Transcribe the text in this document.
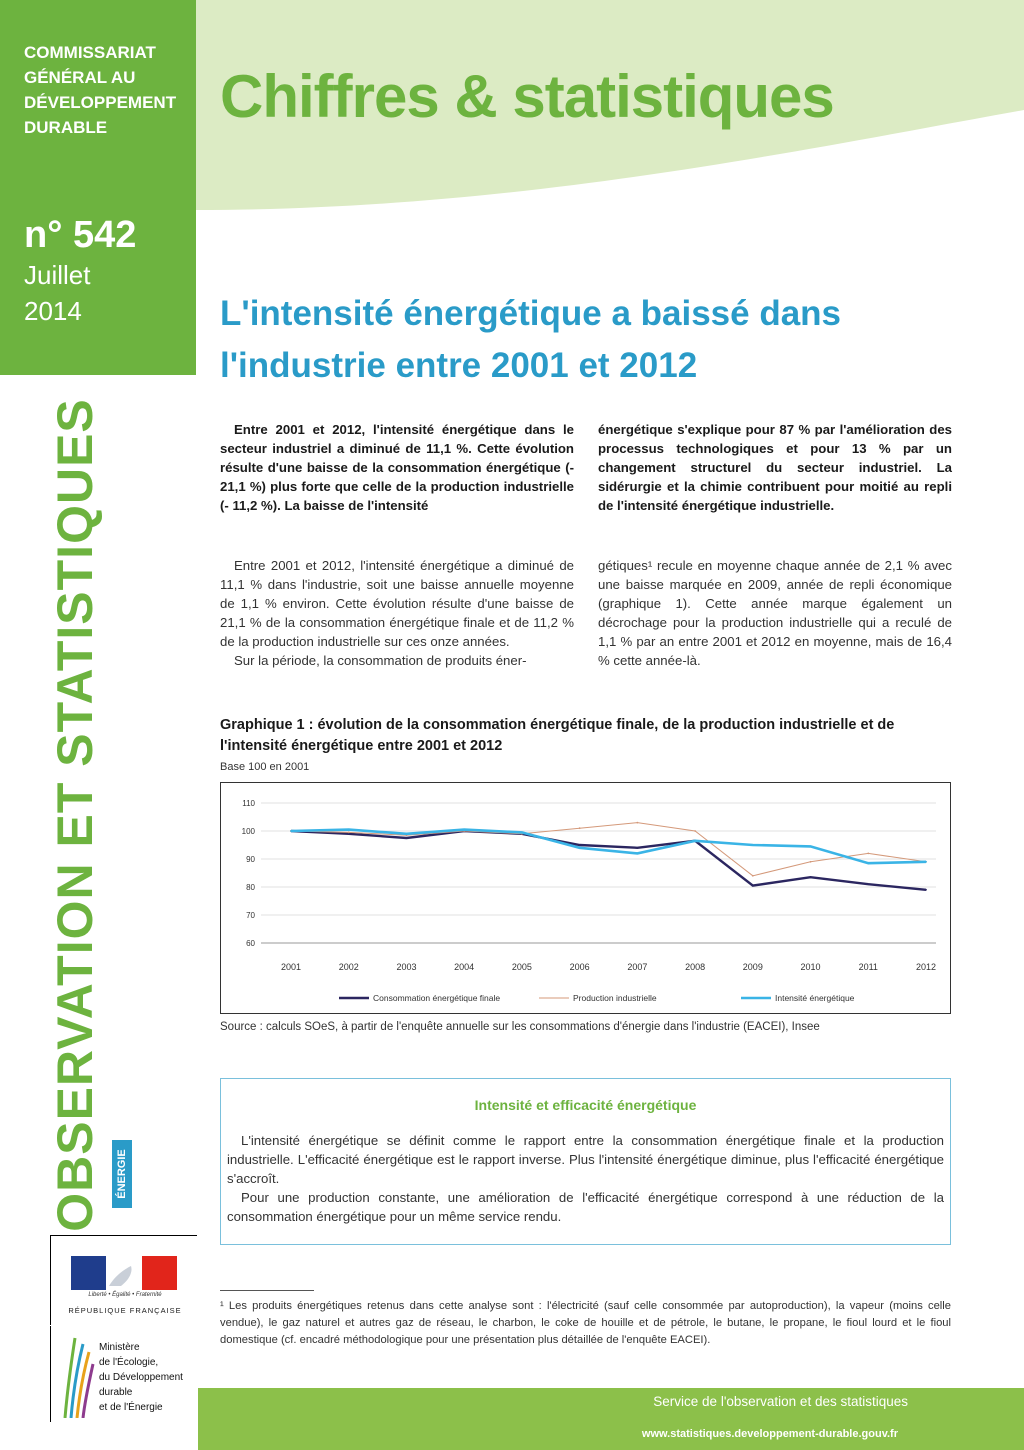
COMMISSARIAT
GÉNÉRAL AU
DÉVELOPPEMENT
DURABLE
n° 542
Juillet
2014
Chiffres & statistiques
L'intensité énergétique a baissé dans l'industrie entre 2001 et 2012
OBSERVATION ET STATISTIQUES ÉNERGIE
Entre 2001 et 2012, l'intensité énergétique dans le secteur industriel a diminué de 11,1 %. Cette évolution résulte d'une baisse de la consommation énergétique (- 21,1 %) plus forte que celle de la production industrielle (- 11,2 %). La baisse de l'intensité
énergétique s'explique pour 87 % par l'amélioration des processus technologiques et pour 13 % par un changement structurel du secteur industriel. La sidérurgie et la chimie contribuent pour moitié au repli de l'intensité énergétique industrielle.

Entre 2001 et 2012, l'intensité énergétique a diminué de 11,1 % dans l'industrie, soit une baisse annuelle moyenne de 1,1 % environ. Cette évolution résulte d'une baisse de 21,1 % de la consommation énergétique finale et de 11,2 % de la production industrielle sur ces onze années.

Sur la période, la consommation de produits éner-

gétiques¹ recule en moyenne chaque année de 2,1 % avec une baisse marquée en 2009, année de repli économique (graphique 1). Cette année marque également un décrochage pour la production industrielle qui a reculé de 1,1 % par an entre 2001 et 2012 en moyenne, mais de 16,4 % cette année-là.

Graphique 1 : évolution de la consommation énergétique finale, de la production industrielle et de l'intensité énergétique entre 2001 et 2012
Base 100 en 2001
60
70
80
90
100
110
2001	2002	2003	2004	2005	2006	2007	2008	2009	2010	2011	2012
Consommation énergétique finale	Production industrielle	Intensité énergétique
Source : calculs SOeS, à partir de l'enquête annuelle sur les consommations d'énergie dans l'industrie (EACEI), Insee
Intensité et efficacité énergétique

L'intensité énergétique se définit comme le rapport entre la consommation énergétique finale et la production industrielle. L'efficacité énergétique est le rapport inverse. Plus l'intensité énergétique diminue, plus l'efficacité énergétique s'accroît.

Pour une production constante, une amélioration de l'efficacité énergétique correspond à une réduction de la consommation énergétique pour un même service rendu.

¹ Les produits énergétiques retenus dans cette analyse sont : l'électricité (sauf celle consommée par autoproduction), la vapeur (moins celle vendue), le gaz naturel et autres gaz de réseau, le charbon, le coke de houille et de pétrole, le butane, le propane, le fioul lourd et le fioul domestique (cf. encadré méthodologique pour une présentation plus détaillée de l'enquête EACEI).
Liberté • Égalité • Fraternité
RÉPUBLIQUE FRANÇAISE
Ministère
de l'Écologie,
du Développement
durable
et de l'Énergie	Service de l'observation et des statistiques
www.statistiques.developpement-durable.gouv.fr
